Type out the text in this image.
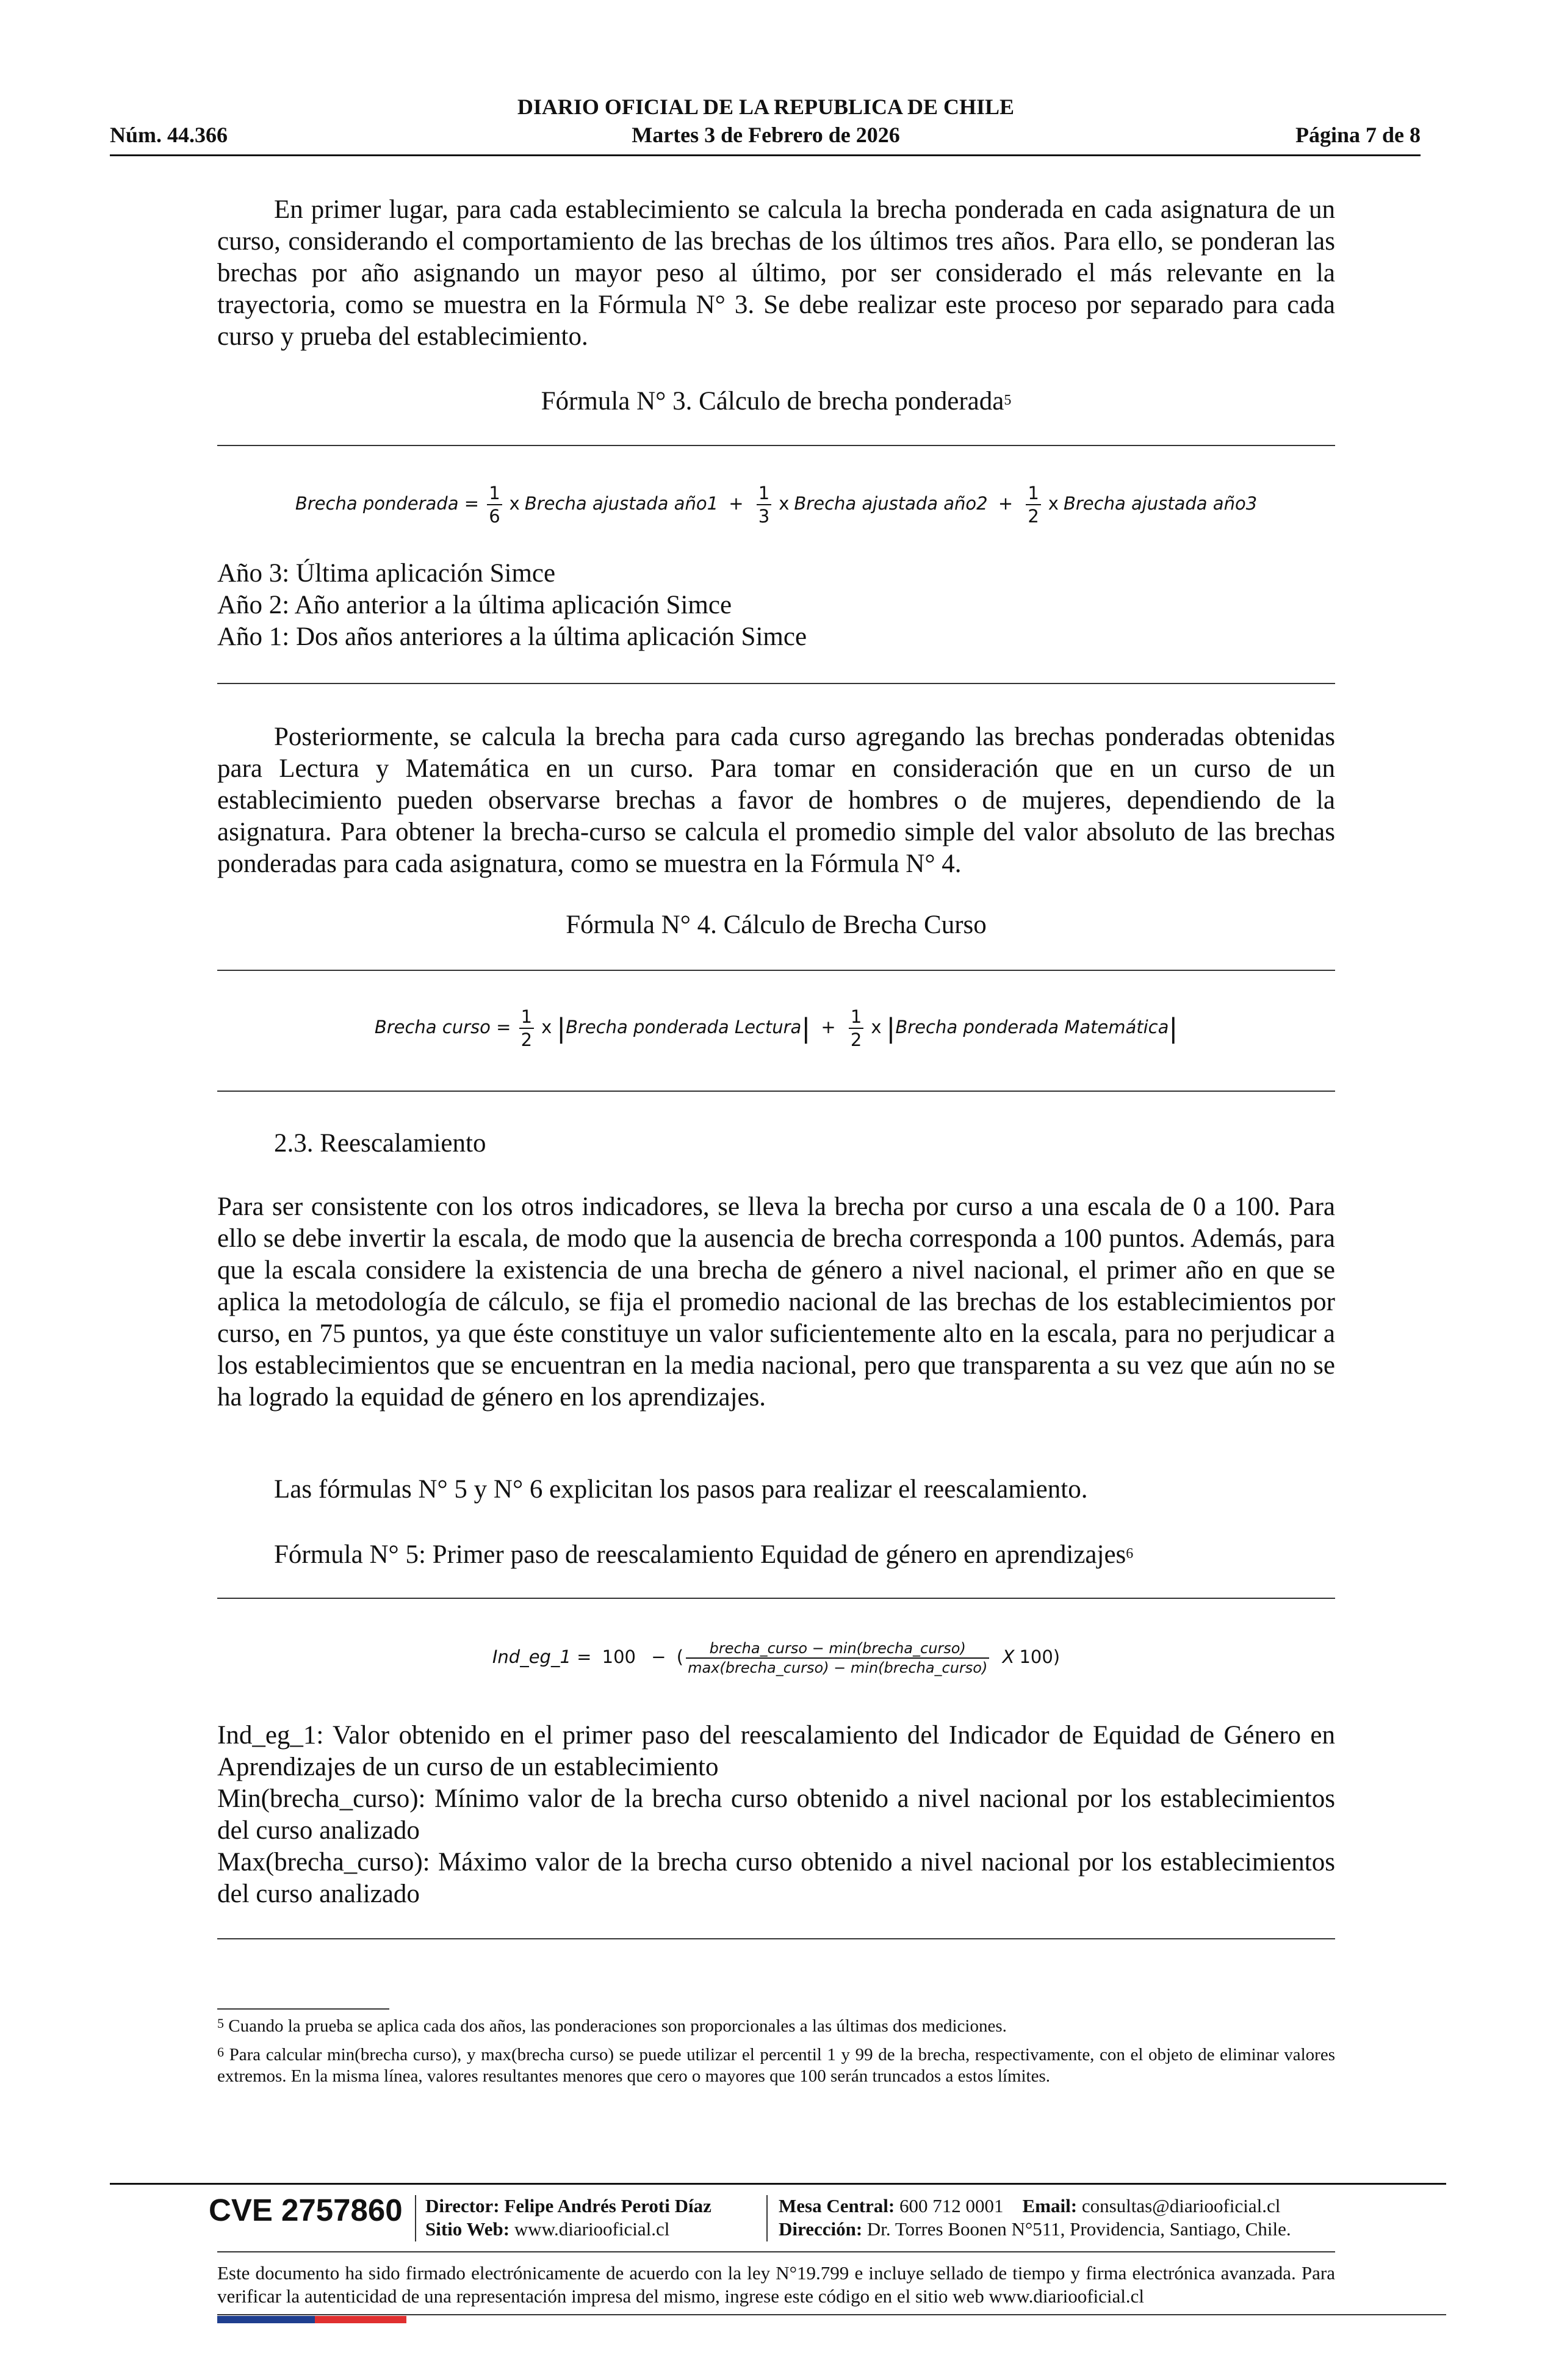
DIARIO OFICIAL DE LA REPUBLICA DE CHILE
Núm. 44.366	Martes 3 de Febrero de 2026	Página 7 de 8

En primer lugar, para cada establecimiento se calcula la brecha ponderada en cada asignatura de un curso, considerando el comportamiento de las brechas de los últimos tres años. Para ello, se ponderan las brechas por año asignando un mayor peso al último, por ser considerado el más relevante en la trayectoria, como se muestra en la Fórmula N° 3. Se debe realizar este proceso por separado para cada curso y prueba del establecimiento.

Fórmula N° 3. Cálculo de brecha ponderada$^5$
Brecha ponderada = $\frac{1}{6}$ x Brecha ajustada año1 + $\frac{1}{3}$ x Brecha ajustada año2 + $\frac{1}{2}$ x Brecha ajustada año3
Año 3: Última aplicación Simce
Año 2: Año anterior a la última aplicación Simce
Año 1: Dos años anteriores a la última aplicación Simce

Posteriormente, se calcula la brecha para cada curso agregando las brechas ponderadas obtenidas para Lectura y Matemática en un curso. Para tomar en consideración que en un curso de un establecimiento pueden observarse brechas a favor de hombres o de mujeres, dependiendo de la asignatura. Para obtener la brecha-curso se calcula el promedio simple del valor absoluto de las brechas ponderadas para cada asignatura, como se muestra en la Fórmula N° 4.

Fórmula N° 4. Cálculo de Brecha Curso
Brecha curso = $\frac{1}{2}$ x |Brecha ponderada Lectura| + $\frac{1}{2}$ x |Brecha ponderada Matemática|
2.3. Reescalamiento

Para ser consistente con los otros indicadores, se lleva la brecha por curso a una escala de 0 a 100. Para ello se debe invertir la escala, de modo que la ausencia de brecha corresponda a 100 puntos. Además, para que la escala considere la existencia de una brecha de género a nivel nacional, el primer año en que se aplica la metodología de cálculo, se fija el promedio nacional de las brechas de los establecimientos por curso, en 75 puntos, ya que éste constituye un valor suficientemente alto en la escala, para no perjudicar a los establecimientos que se encuentran en la media nacional, pero que transparenta a su vez que aún no se ha logrado la equidad de género en los aprendizajes.

Las fórmulas N° 5 y N° 6 explicitan los pasos para realizar el reescalamiento.
Fórmula N° 5: Primer paso de reescalamiento Equidad de género en aprendizajes$^6$
Ind_eg_1 = 100 − ( $\frac{\text{brecha\_curso − min(brecha\_curso)}}{\text{max(brecha\_curso) − min(brecha\_curso)}}$ X 100)
Ind_eg_1: Valor obtenido en el primer paso del reescalamiento del Indicador de Equidad de Género en Aprendizajes de un curso de un establecimiento
Min(brecha_curso): Mínimo valor de la brecha curso obtenido a nivel nacional por los establecimientos del curso analizado
Max(brecha_curso): Máximo valor de la brecha curso obtenido a nivel nacional por los establecimientos del curso analizado

$^5$ Cuando la prueba se aplica cada dos años, las ponderaciones son proporcionales a las últimas dos mediciones.

$^6$ Para calcular min(brecha curso), y max(brecha curso) se puede utilizar el percentil 1 y 99 de la brecha, respectivamente, con el objeto de eliminar valores extremos. En la misma línea, valores resultantes menores que cero o mayores que 100 serán truncados a estos límites.

CVE 2757860 Director: Felipe Andrés Peroti Díaz
Sitio Web: www.diariooficial.cl
Mesa Central: 600 712 0001 Email: consultas@diariooficial.cl
Dirección: Dr. Torres Boonen N°511, Providencia, Santiago, Chile.
Este documento ha sido firmado electrónicamente de acuerdo con la ley N°19.799 e incluye sellado de tiempo y firma electrónica avanzada. Para verificar la autenticidad de una representación impresa del mismo, ingrese este código en el sitio web www.diariooficial.cl
